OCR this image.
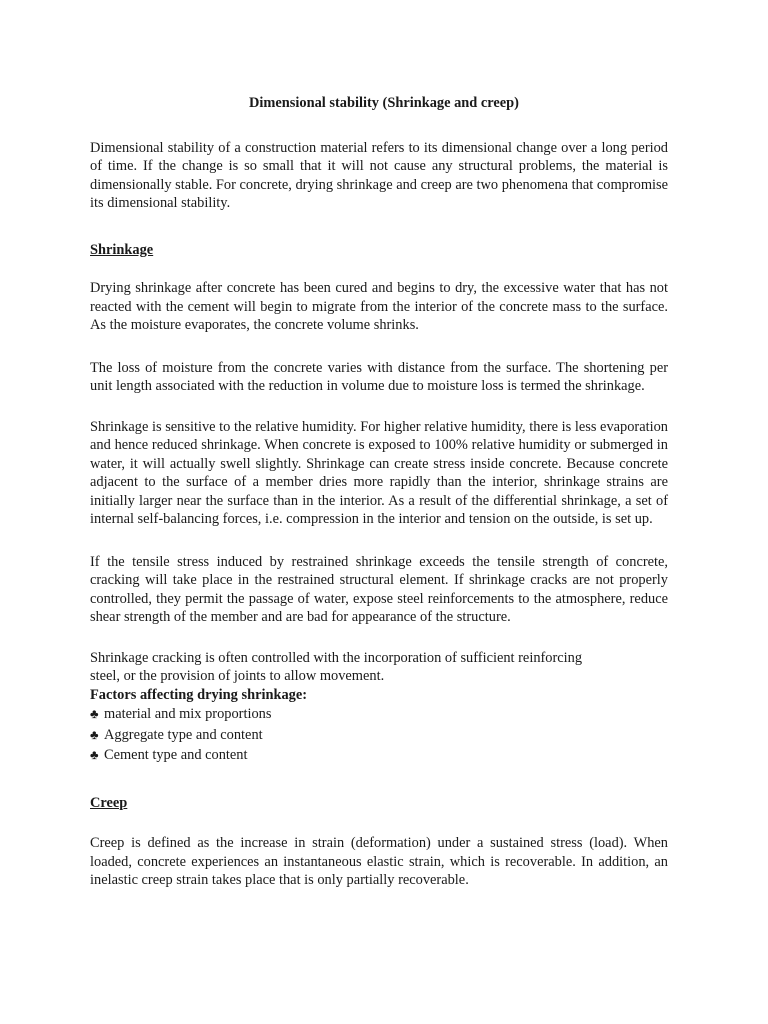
Dimensional stability (Shrinkage and creep)

Dimensional stability of a construction material refers to its dimensional change over a long period of time. If the change is so small that it will not cause any structural problems, the material is dimensionally stable. For concrete, drying shrinkage and creep are two phenomena that compromise its dimensional stability.

Shrinkage

Drying shrinkage after concrete has been cured and begins to dry, the excessive water that has not reacted with the cement will begin to migrate from the interior of the concrete mass to the surface. As the moisture evaporates, the concrete volume shrinks.

The loss of moisture from the concrete varies with distance from the surface. The shortening per unit length associated with the reduction in volume due to moisture loss is termed the shrinkage.

Shrinkage is sensitive to the relative humidity. For higher relative humidity, there is less evaporation and hence reduced shrinkage. When concrete is exposed to 100% relative humidity or submerged in water, it will actually swell slightly. Shrinkage can create stress inside concrete. Because concrete adjacent to the surface of a member dries more rapidly than the interior, shrinkage strains are initially larger near the surface than in the interior. As a result of the differential shrinkage, a set of internal self-balancing forces, i.e. compression in the interior and tension on the outside, is set up.

If the tensile stress induced by restrained shrinkage exceeds the tensile strength of concrete, cracking will take place in the restrained structural element. If shrinkage cracks are not properly controlled, they permit the passage of water, expose steel reinforcements to the atmosphere, reduce shear strength of the member and are bad for appearance of the structure.

Shrinkage cracking is often controlled with the incorporation of sufficient reinforcing

steel, or the provision of joints to allow movement.

Factors affecting drying shrinkage:
♣ material and mix proportions
♣ Aggregate type and content
♣ Cement type and content
Creep

Creep is defined as the increase in strain (deformation) under a sustained stress (load). When loaded, concrete experiences an instantaneous elastic strain, which is recoverable. In addition, an inelastic creep strain takes place that is only partially recoverable.
